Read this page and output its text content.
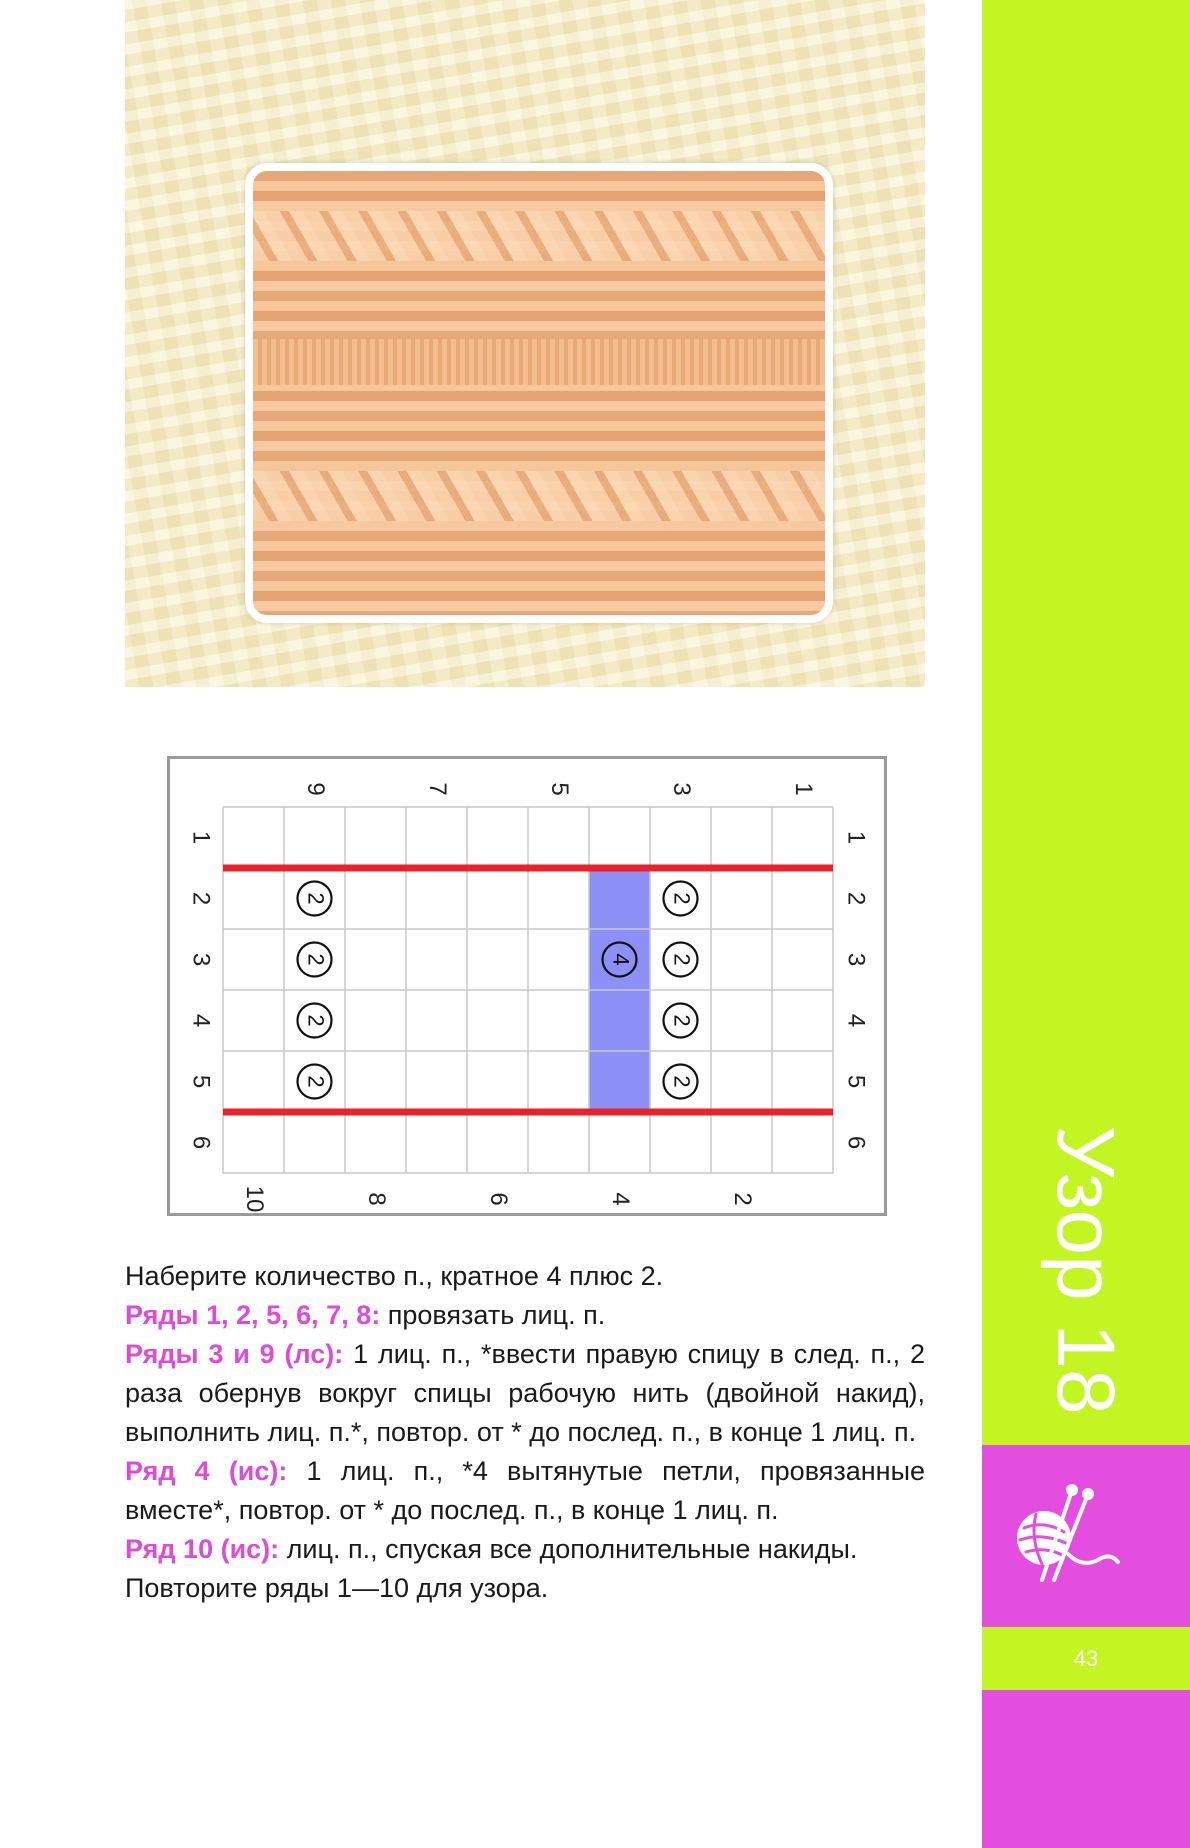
9	7	5	3	1
10	8	6	4	2
1	1
2	2
3	3
4	4
5	5
6	6
2	2
2	2
2	2
2	2
4

Наберите количество п., кратное 4 плюс 2.

Ряды 1, 2, 5, 6, 7, 8: провязать лиц. п.

Ряды 3 и 9 (лс): 1 лиц. п., *ввести правую спицу в след. п., 2 раза обернув вокруг спицы рабочую нить (двойной накид), выполнить лиц. п.*, повтор. от * до послед. п., в конце 1 лиц. п.

Ряд 4 (ис): 1 лиц. п., *4 вытянутые петли, провязанные вместе*, повтор. от * до послед. п., в конце 1 лиц. п.

Ряд 10 (ис): лиц. п., спуская все дополнительные накиды.

Повторите ряды 1—10 для узора.

Узор 18
43
